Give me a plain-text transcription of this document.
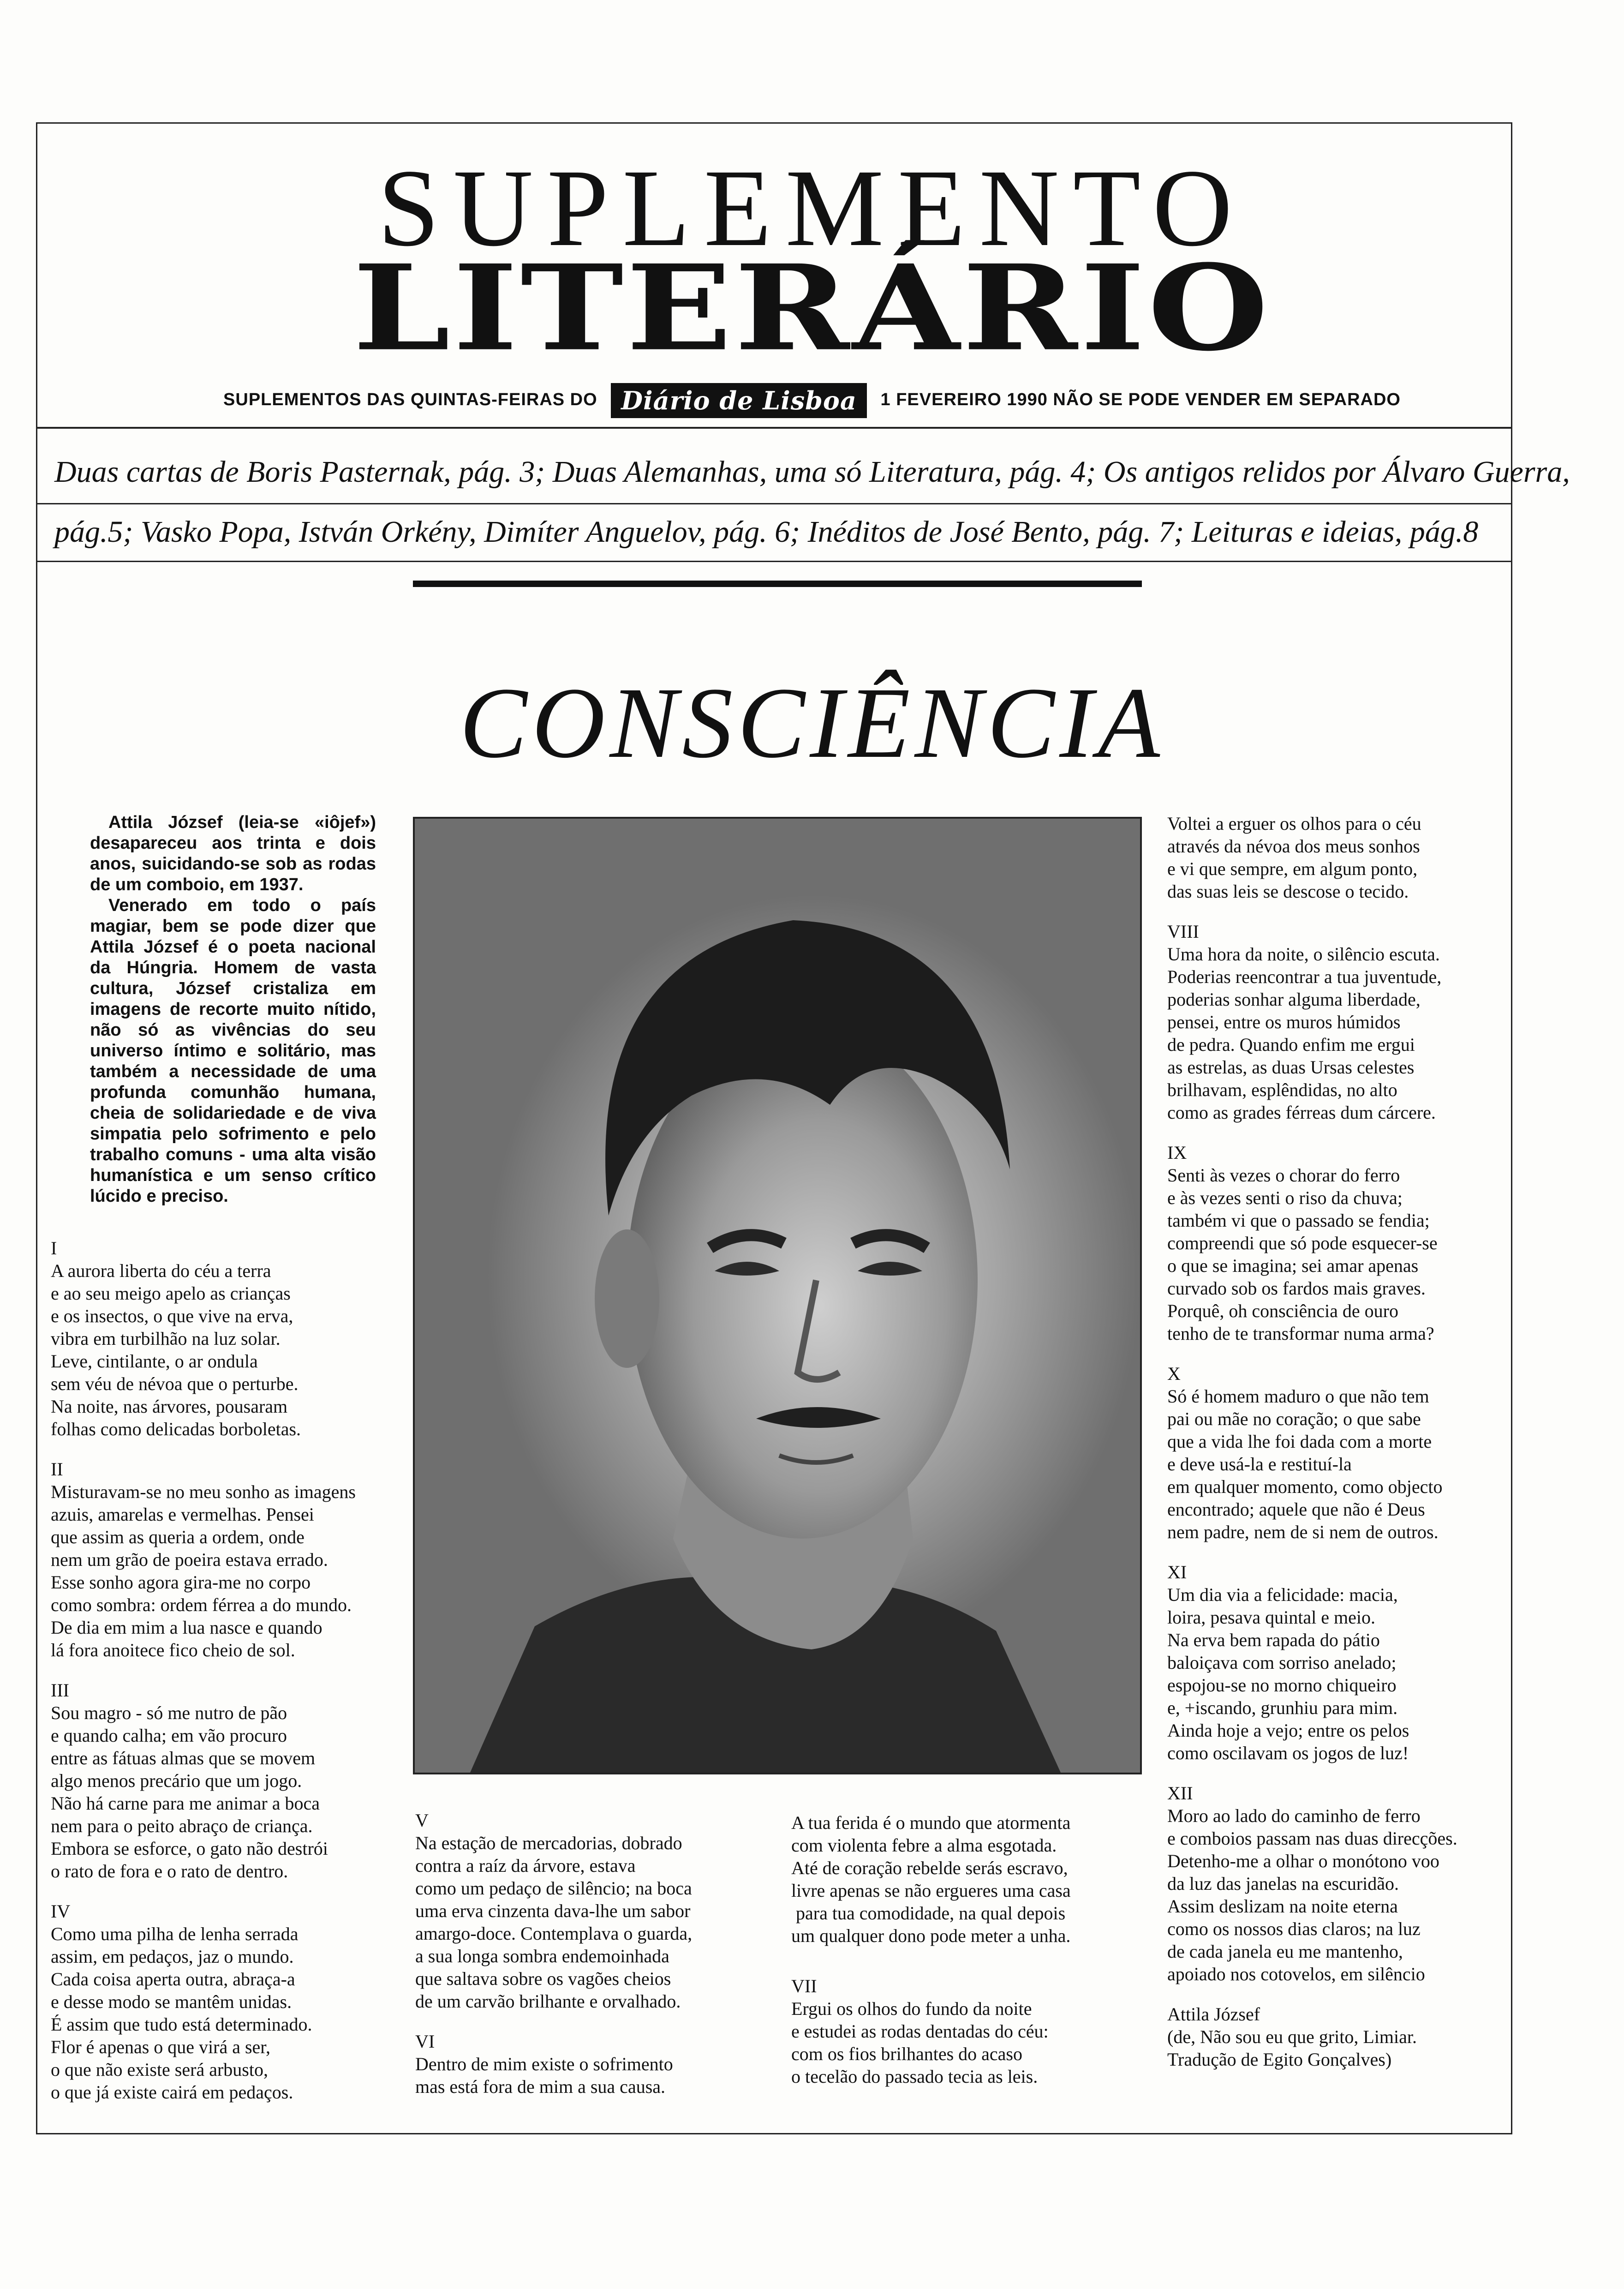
SUPLEMENTO
LITERÁRIO
SUPLEMENTOS DAS QUINTAS-FEIRAS DO Diário de Lisboa 1 FEVEREIRO 1990 NÃO SE PODE VENDER EM SEPARADO
Duas cartas de Boris Pasternak, pág. 3; Duas Alemanhas, uma só Literatura, pág. 4; Os antigos relidos por Álvaro Guerra,
pág.5; Vasko Popa, István Orkény, Dimíter Anguelov, pág. 6; Inéditos de José Bento, pág. 7; Leituras e ideias, pág.8
CONSCIÊNCIA

Attila József (leia-se «iôjef») desapareceu aos trinta e dois anos, suicidando-se sob as rodas de um comboio, em 1937.

Venerado em todo o país magiar, bem se pode dizer que Attila József é o poeta nacional da Húngria. Homem de vasta cultura, József cristaliza em imagens de recorte muito nítido, não só as vivências do seu universo íntimo e solitário, mas também a necessidade de uma profunda comunhão humana, cheia de solidariedade e de viva simpatia pelo sofrimento e pelo trabalho comuns - uma alta visão humanística e um senso crítico lúcido e preciso.

I

A aurora liberta do céu a terra
e ao seu meigo apelo as crianças
e os insectos, o que vive na erva,
vibra em turbilhão na luz solar.
Leve, cintilante, o ar ondula
sem véu de névoa que o perturbe.
Na noite, nas árvores, pousaram
folhas como delicadas borboletas.

II

Misturavam-se no meu sonho as imagens
azuis, amarelas e vermelhas. Pensei
que assim as queria a ordem, onde
nem um grão de poeira estava errado.
Esse sonho agora gira-me no corpo
como sombra: ordem férrea a do mundo.
De dia em mim a lua nasce e quando
lá fora anoitece fico cheio de sol.

III

Sou magro - só me nutro de pão
e quando calha; em vão procuro
entre as fátuas almas que se movem
algo menos precário que um jogo.
Não há carne para me animar a boca
nem para o peito abraço de criança.
Embora se esforce, o gato não destrói
o rato de fora e o rato de dentro.

IV

Como uma pilha de lenha serrada
assim, em pedaços, jaz o mundo.
Cada coisa aperta outra, abraça-a
e desse modo se mantêm unidas.
É assim que tudo está determinado.
Flor é apenas o que virá a ser,
o que não existe será arbusto,
o que já existe cairá em pedaços.

V

Na estação de mercadorias, dobrado
contra a raíz da árvore, estava
como um pedaço de silêncio; na boca
uma erva cinzenta dava-lhe um sabor
amargo-doce. Contemplava o guarda,
a sua longa sombra endemoinhada
que saltava sobre os vagões cheios
de um carvão brilhante e orvalhado.

VI

Dentro de mim existe o sofrimento
mas está fora de mim a sua causa.

A tua ferida é o mundo que atormenta
com violenta febre a alma esgotada.
Até de coração rebelde serás escravo,
livre apenas se não ergueres uma casa
para tua comodidade, na qual depois
um qualquer dono pode meter a unha.

VII

Ergui os olhos do fundo da noite
e estudei as rodas dentadas do céu:
com os fios brilhantes do acaso
o tecelão do passado tecia as leis.

Voltei a erguer os olhos para o céu
através da névoa dos meus sonhos
e vi que sempre, em algum ponto,
das suas leis se descose o tecido.

VIII

Uma hora da noite, o silêncio escuta.
Poderias reencontrar a tua juventude,
poderias sonhar alguma liberdade,
pensei, entre os muros húmidos
de pedra. Quando enfim me ergui
as estrelas, as duas Ursas celestes
brilhavam, esplêndidas, no alto
como as grades férreas dum cárcere.

IX

Senti às vezes o chorar do ferro
e às vezes senti o riso da chuva;
também vi que o passado se fendia;
compreendi que só pode esquecer-se
o que se imagina; sei amar apenas
curvado sob os fardos mais graves.
Porquê, oh consciência de ouro
tenho de te transformar numa arma?

X

Só é homem maduro o que não tem
pai ou mãe no coração; o que sabe
que a vida lhe foi dada com a morte
e deve usá-la e restituí-la
em qualquer momento, como objecto
encontrado; aquele que não é Deus
nem padre, nem de si nem de outros.

XI

Um dia via a felicidade: macia,
loira, pesava quintal e meio.
Na erva bem rapada do pátio
baloiçava com sorriso anelado;
espojou-se no morno chiqueiro
e, +iscando, grunhiu para mim.
Ainda hoje a vejo; entre os pelos
como oscilavam os jogos de luz!

XII

Moro ao lado do caminho de ferro
e comboios passam nas duas direcções.
Detenho-me a olhar o monótono voo
da luz das janelas na escuridão.
Assim deslizam na noite eterna
como os nossos dias claros; na luz
de cada janela eu me mantenho,
apoiado nos cotovelos, em silêncio

Attila József

(de, Não sou eu que grito, Limiar.

Tradução de Egito Gonçalves)
